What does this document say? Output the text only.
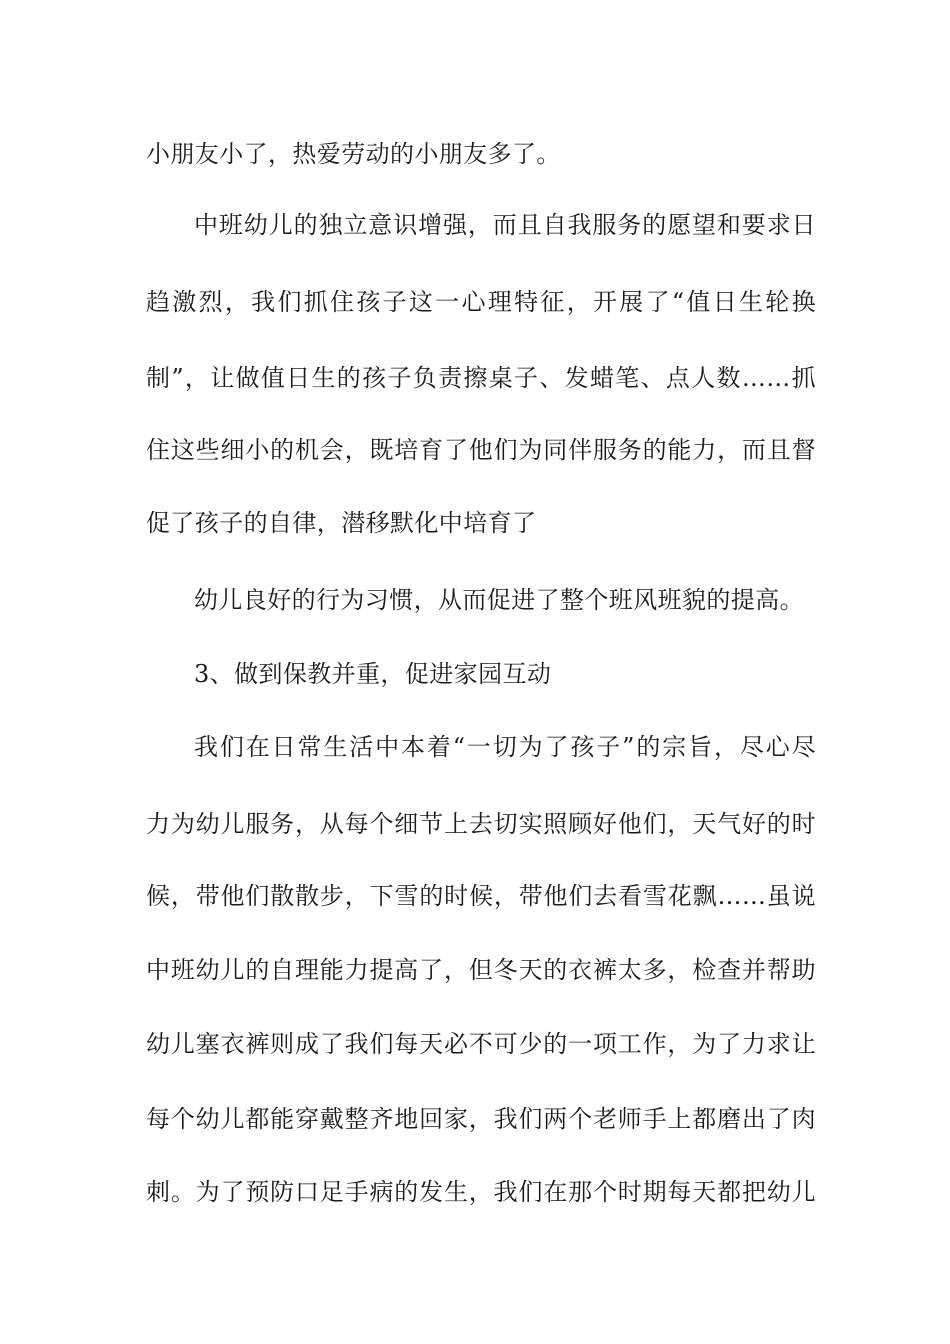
小朋友小了，热爱劳动的小朋友多了。
中班幼儿的独立意识增强，而且自我服务的愿望和要求日
趋激烈，我们抓住孩子这一心理特征，开展了“值日生轮换
制”，让做值日生的孩子负责擦桌子、发蜡笔、点人数……抓
住这些细小的机会，既培育了他们为同伴服务的能力，而且督
促了孩子的自律，潜移默化中培育了
幼儿良好的行为习惯，从而促进了整个班风班貌的提高。
3、做到保教并重，促进家园互动
我们在日常生活中本着“一切为了孩子”的宗旨，尽心尽
力为幼儿服务，从每个细节上去切实照顾好他们，天气好的时
候，带他们散散步，下雪的时候，带他们去看雪花飘……虽说
中班幼儿的自理能力提高了，但冬天的衣裤太多，检查并帮助
幼儿塞衣裤则成了我们每天必不可少的一项工作，为了力求让
每个幼儿都能穿戴整齐地回家，我们两个老师手上都磨出了肉
刺。为了预防口足手病的发生，我们在那个时期每天都把幼儿
